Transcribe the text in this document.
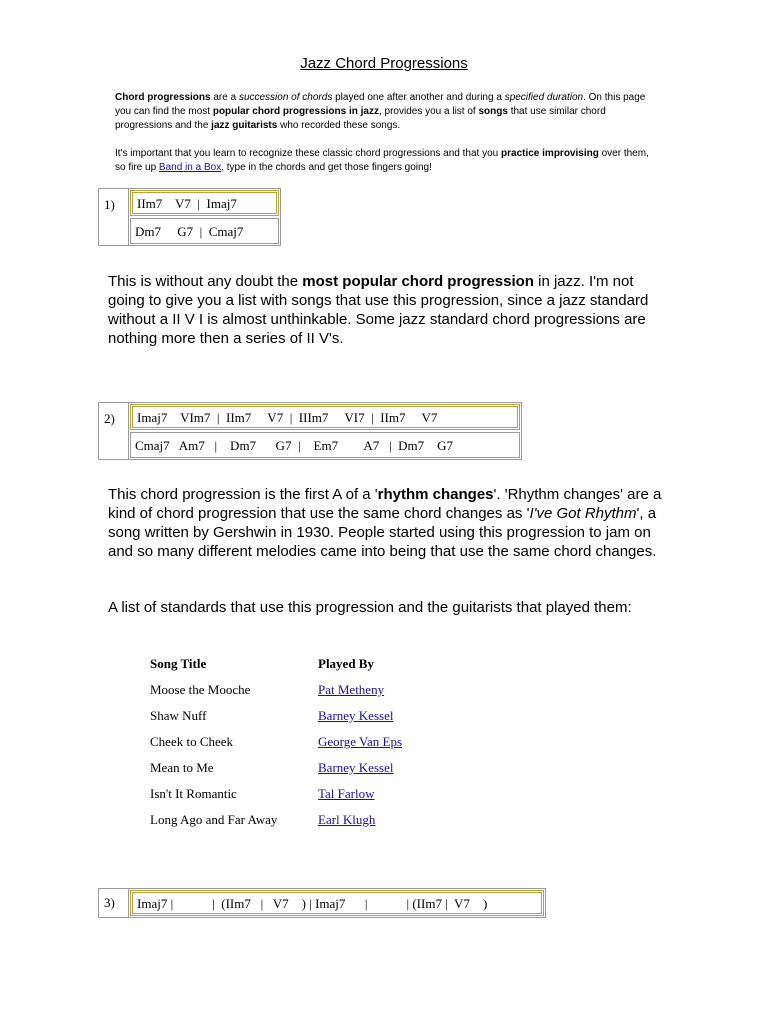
Jazz Chord Progressions
Chord progressions are a succession of chords played one after another and during a specified duration. On this page you can find the most popular chord progressions in jazz, provides you a list of songs that use similar chord progressions and the jazz guitarists who recorded these songs.
It's important that you learn to recognize these classic chord progressions and that you practice improvising over them, so fire up Band in a Box, type in the chords and get those fingers going!
1)	IIm7    V7  |  Imaj7
Dm7     G7  |  Cmaj7
This is without any doubt the most popular chord progression in jazz. I'm not going to give you a list with songs that use this progression, since a jazz standard without a II V I is almost unthinkable. Some jazz standard chord progressions are nothing more then a series of II V's.
2)	Imaj7    VIm7  |  IIm7     V7  |  IIIm7     VI7  |  IIm7     V7
Cmaj7   Am7   |    Dm7      G7  |    Em7        A7   |  Dm7    G7
This chord progression is the first A of a 'rhythm changes'. 'Rhythm changes' are a kind of chord progression that use the same chord changes as 'I've Got Rhythm', a song written by Gershwin in 1930. People started using this progression to jam on and so many different melodies came into being that use the same chord changes.
A list of standards that use this progression and the guitarists that played them:
Song Title	Played By
Moose the Mooche	Pat Metheny
Shaw Nuff	Barney Kessel
Cheek to Cheek	George Van Eps
Mean to Me	Barney Kessel
Isn't It Romantic	Tal Farlow
Long Ago and Far Away	Earl Klugh
3)	Imaj7 |            |  (IIm7   |   V7    ) | Imaj7      |            | (IIm7 |  V7    )
